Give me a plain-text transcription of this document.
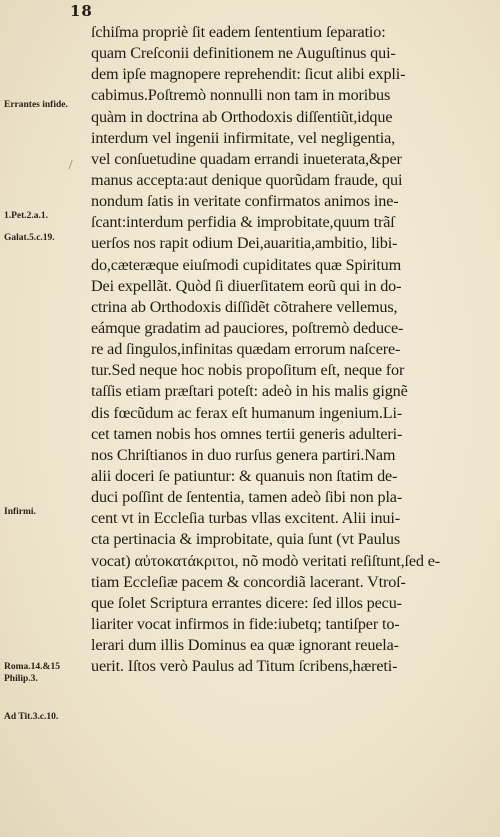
18
Errantes infide.
1.Pet.2.a.1.
Galat.5.c.19.
Infirmi.
Roma.14.&15
Philip.3.
Ad Tit.3.c.10.
ſchiſma propriè ſit eadem ſententium ſeparatio:
quam Creſconii definitionem ne Auguſtinus qui-
dem ipſe magnopere reprehendit: ſicut alibi expli-
cabimus.Poſtremò nonnulli non tam in moribus
quàm in doctrina ab Orthodoxis diſſentiũt,idque
interdum vel ingenii infirmitate, vel negligentia,
vel conſuetudine quadam errandi inueterata,&per
manus accepta:aut denique quorũdam fraude, qui
nondum ſatis in veritate confirmatos animos ine-
ſcant:interdum perfidia & improbitate,quum trãſ
uerſos nos rapit odium Dei,auaritia,ambitio, libi-
do,cæteræque eiuſmodi cupiditates quæ Spiritum
Dei expellãt. Quòd ſi diuerſitatem eorũ qui in do-
ctrina ab Orthodoxis diſſidẽt cõtrahere vellemus,
eámque gradatim ad pauciores, poſtremò deduce-
re ad ſingulos,infinitas quædam errorum naſcere-
tur.Sed neque hoc nobis propoſitum eſt, neque for
taſſis etiam præſtari poteſt: adeò in his malis gignẽ
dis fœcũdum ac ferax eſt humanum ingenium.Li-
cet tamen nobis hos omnes tertii generis adulteri-
nos Chriſtianos in duo rurſus genera partiri.Nam
alii doceri ſe patiuntur: & quanuis non ſtatim de-
duci poſſint de ſententia, tamen adeò ſibi non pla-
cent vt in Eccleſia turbas vllas excitent. Alii inui-
cta pertinacia & improbitate, quia ſunt (vt Paulus
vocat) αὐτοκατάκριτοι, nõ modò veritati reſiſtunt,ſed e-
tiam Eccleſiæ pacem & concordiã lacerant. Vtroſ-
que ſolet Scriptura errantes dicere: ſed illos pecu-
liariter vocat infirmos in fide:iubetq; tantiſper to-
lerari dum illis Dominus ea quæ ignorant reuela-
uerit. Iſtos verò Paulus ad Titum ſcribens,hæreti-
